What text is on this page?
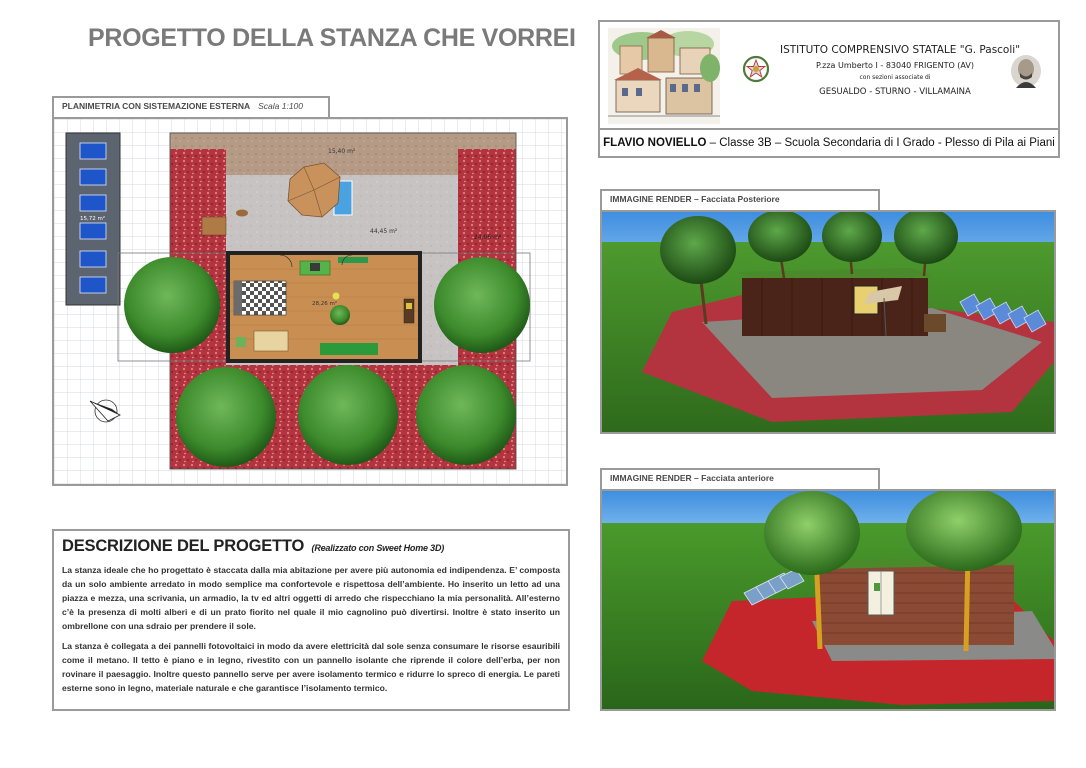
PROGETTO DELLA STANZA CHE VORREI	ISTITUTO COMPRENSIVO STATALE "G. Pascoli"
P.zza Umberto I - 83040 FRIGENTO (AV)
con sezioni associate di
GESUALDO - STURNO - VILLAMAINA
FLAVIO NOVIELLO – Classe 3B – Scuola Secondaria di I Grado - Plesso di Pila ai Piani
PLANIMETRIA CON SISTEMAZIONE ESTERNA Scala 1:100
15,72 m²
15,40 m²
44,45 m²
24,06 m²
28,26 m²
IMMAGINE RENDER – Facciata Posteriore
IMMAGINE RENDER – Facciata anteriore
DESCRIZIONE DEL PROGETTO (Realizzato con Sweet Home 3D)

La stanza ideale che ho progettato è staccata dalla mia abitazione per avere più autonomia ed indipendenza. E’ composta da un solo ambiente arredato in modo semplice ma confortevole e rispettosa dell’ambiente. Ho inserito un letto ad una piazza e mezza, una scrivania, un armadio, la tv ed altri oggetti di arredo che rispecchiano la mia personalità. All’esterno c’è la presenza di molti alberi e di un prato fiorito nel quale il mio cagnolino può divertirsi. Inoltre è stato inserito un ombrellone con una sdraio per prendere il sole.

La stanza è collegata a dei pannelli fotovoltaici in modo da avere elettricità dal sole senza consumare le risorse esauribili come il metano. Il tetto è piano e in legno, rivestito con un pannello isolante che riprende il colore dell’erba, per non rovinare il paesaggio. Inoltre questo pannello serve per avere isolamento termico e ridurre lo spreco di energia. Le pareti esterne sono in legno, materiale naturale e che garantisce l’isolamento termico.
